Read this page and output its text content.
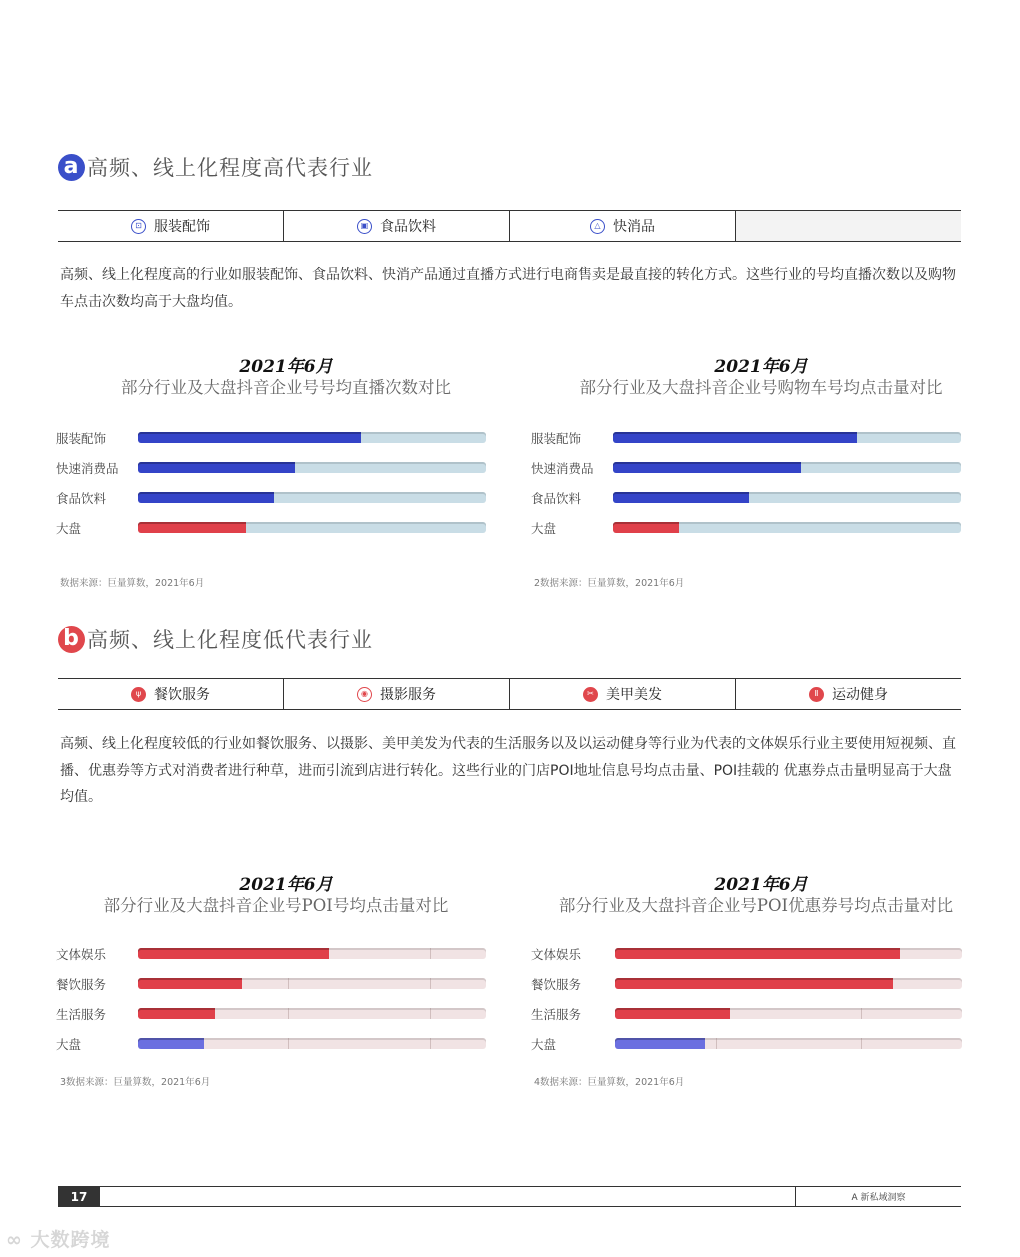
a 高频、线上化程度高代表行业
⊡ 服装配饰	▣ 食品饮料	△ 快消品
高频、线上化程度高的行业如服装配饰、食品饮料、快消产品通过直播方式进行电商售卖是最直接的转化方式。这些行业的号均直播次数以及购物车点击次数均高于大盘均值。
2021年6月
部分行业及大盘抖音企业号号均直播次数对比
服装配饰
快速消费品
食品饮料
大盘
数据来源：巨量算数，2021年6月
2021年6月
部分行业及大盘抖音企业号购物车号均点击量对比
服装配饰
快速消费品
食品饮料
大盘
2数据来源：巨量算数，2021年6月
b 高频、线上化程度低代表行业
ψ 餐饮服务	◉ 摄影服务	✂ 美甲美发	Ⅱ 运动健身
高频、线上化程度较低的行业如餐饮服务、以摄影、美甲美发为代表的生活服务以及以运动健身等行业为代表的文体娱乐行业主要使用短视频、直播、优惠券等方式对消费者进行种草，进而引流到店进行转化。这些行业的门店POI地址信息号均点击量、POI挂载的 优惠券点击量明显高于大盘均值。
2021年6月
部分行业及大盘抖音企业号POI号均点击量对比
文体娱乐
餐饮服务
生活服务
大盘
3数据来源：巨量算数，2021年6月
2021年6月
部分行业及大盘抖音企业号POI优惠券号均点击量对比
文体娱乐
餐饮服务
生活服务
大盘
4数据来源：巨量算数，2021年6月
17	A 新私域洞察
∞ 大数跨境
